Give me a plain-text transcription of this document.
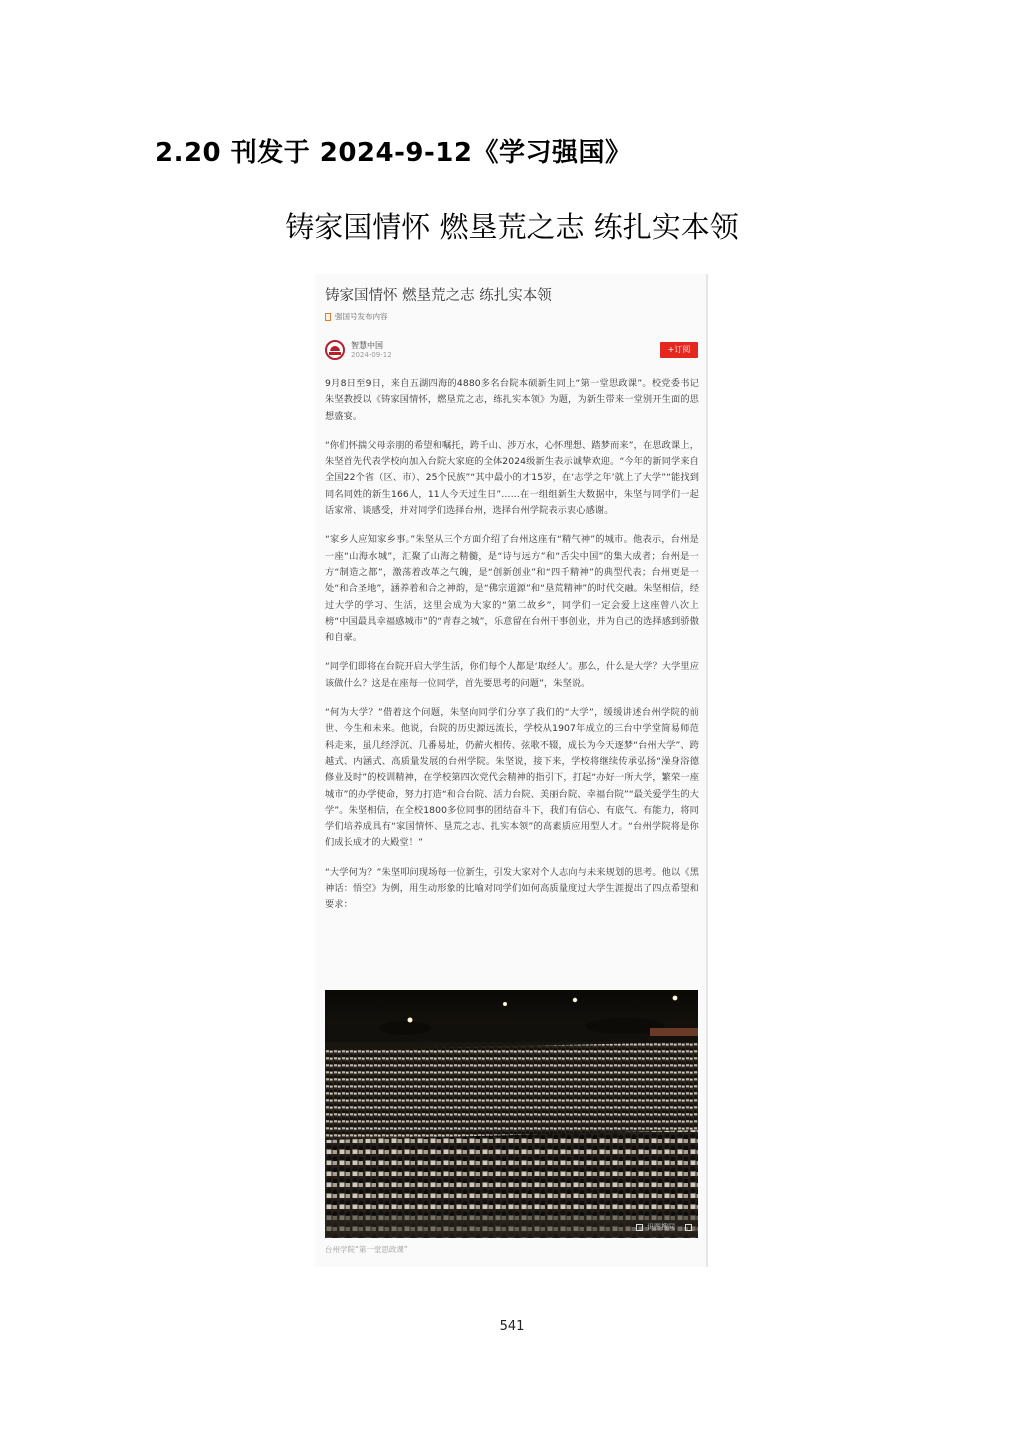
2.20 刊发于 2024-9-12《学习强国》
铸家国情怀 燃垦荒之志 练扎实本领
铸家国情怀 燃垦荒之志 练扎实本领
强国号发布内容
智慧中国
2024-09-12
+订阅

9月8日至9日，来自五湖四海的4880多名台院本硕新生同上“第一堂思政课”。校党委书记朱坚教授以《铸家国情怀，燃垦荒之志，练扎实本领》为题，为新生带来一堂别开生面的思想盛宴。

“你们怀揣父母亲朋的希望和嘱托，跨千山、涉万水，心怀理想、踏梦而来”，在思政课上，朱坚首先代表学校向加入台院大家庭的全体2024级新生表示诚挚欢迎。“今年的新同学来自全国22个省（区、市）、25个民族”“其中最小的才15岁，在‘志学之年’就上了大学”“能找到同名同姓的新生166人，11人今天过生日”……在一组组新生大数据中，朱坚与同学们一起话家常、谈感受，并对同学们选择台州，选择台州学院表示衷心感谢。

“家乡人应知家乡事。”朱坚从三个方面介绍了台州这座有“精气神”的城市。他表示，台州是一座“山海水城”，汇聚了山海之精髓，是“诗与远方”和“舌尖中国”的集大成者；台州是一方“制造之都”，激荡着改革之气魄，是“创新创业”和“四千精神”的典型代表；台州更是一处“和合圣地”，涵养着和合之神韵，是“佛宗道源”和“垦荒精神”的时代交融。朱坚相信，经过大学的学习、生活，这里会成为大家的“第二故乡”，同学们一定会爱上这座曾八次上榜“中国最具幸福感城市”的“青春之城”，乐意留在台州干事创业，并为自己的选择感到骄傲和自豪。

“同学们即将在台院开启大学生活，你们每个人都是‘取经人’。那么，什么是大学？大学里应该做什么？这是在座每一位同学，首先要思考的问题”，朱坚说。

“何为大学？”借着这个问题，朱坚向同学们分享了我们的“大学”，缓缓讲述台州学院的前世、今生和未来。他说，台院的历史源远流长，学校从1907年成立的三台中学堂简易师范科走来，虽几经浮沉、几番易址，仍薪火相传、弦歌不辍，成长为今天逐梦“台州大学”、跨越式、内涵式、高质量发展的台州学院。朱坚说，接下来，学校将继续传承弘扬“澡身浴德 修业及时”的校训精神，在学校第四次党代会精神的指引下，打起“办好一所大学，繁荣一座城市”的办学使命，努力打造“和合台院、活力台院、美丽台院、幸福台院”“最关爱学生的大学”。朱坚相信，在全校1800多位同事的团结奋斗下，我们有信心、有底气、有能力，将同学们培养成具有“家国情怀、垦荒之志、扎实本领”的高素质应用型人才。“台州学院将是你们成长成才的大殿堂！”

“大学何为？”朱坚叩问现场每一位新生，引发大家对个人志向与未来规划的思考。他以《黑神话：悟空》为例，用生动形象的比喻对同学们如何高质量度过大学生涯提出了四点希望和要求：

识图搜同
台州学院“第一堂思政课”
541
